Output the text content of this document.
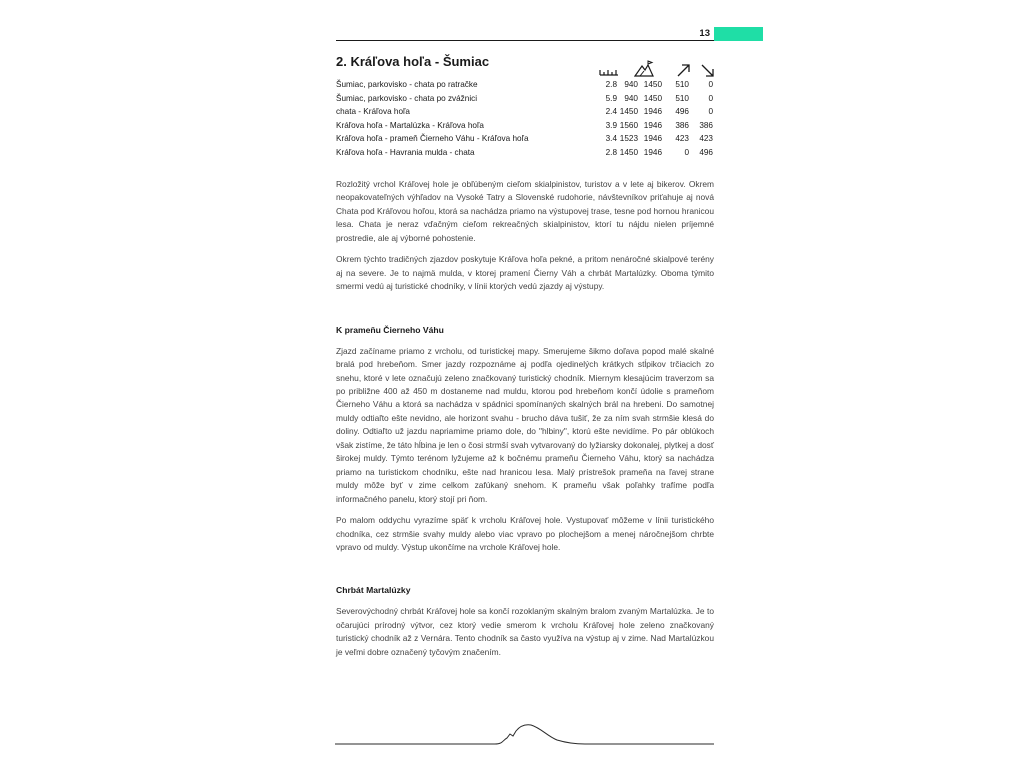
13
2. Kráľova hoľa - Šumiac
Šumiac, parkovisko - chata po ratračke	2.8 940 1450 510 0
Šumiac, parkovisko - chata po zvážnici	5.9 940 1450 510 0
chata - Kráľova hoľa	2.4 1450 1946 496 0
Kráľova hoľa - Martalúzka - Kráľova hoľa	3.9 1560 1946 386 386
Kráľova hoľa - prameň Čierneho Váhu - Kráľova hoľa	3.4 1523 1946 423 423
Kráľova hoľa - Havrania mulda - chata	2.8 1450 1946	0 496

Rozložitý vrchol Kráľovej hole je obľúbeným cieľom skialpinistov, turistov a v lete aj bikerov. Okrem neopakovateľných výhľadov na Vysoké Tatry a Slovenské rudohorie, návštevníkov priťahuje aj nová Chata pod Kráľovou hoľou, ktorá sa nachádza priamo na výstupovej trase, tesne pod hornou hranicou lesa. Chata je neraz vďačným cieľom rekreačných skialpinistov, ktorí tu nájdu nielen príjemné prostredie, ale aj výborné pohostenie.

Okrem týchto tradičných zjazdov poskytuje Kráľova hoľa pekné, a pritom nenáročné skialpové terény aj na severe. Je to najmä mulda, v ktorej pramení Čierny Váh a chrbát Martalúzky. Oboma týmito smermi vedú aj turistické chodníky, v línii ktorých vedú zjazdy aj výstupy.

K prameňu Čierneho Váhu

Zjazd začíname priamo z vrcholu, od turistickej mapy. Smerujeme šikmo doľava popod malé skalné bralá pod hrebeňom. Smer jazdy rozpoznáme aj podľa ojedinelých krátkych stĺpikov trčiacich zo snehu, ktoré v lete označujú zeleno značkovaný turistický chodník. Miernym klesajúcim traverzom sa po približne 400 až 450 m dostaneme nad muldu, ktorou pod hrebeňom končí údolie s prameňom Čierneho Váhu a ktorá sa nachádza v spádnici spomínaných skalných brál na hrebeni. Do samotnej muldy odtiaľto ešte nevidno, ale horizont svahu - brucho dáva tušiť, že za ním svah strmšie klesá do doliny. Odtiaľto už jazdu napriamime priamo dole, do "hlbiny", ktorú ešte nevidíme. Po pár oblúkoch však zistíme, že táto hĺbina je len o čosi strmší svah vytvarovaný do lyžiarsky dokonalej, plytkej a dosť širokej muldy. Týmto terénom lyžujeme až k bočnému prameňu Čierneho Váhu, ktorý sa nachádza priamo na turistickom chodníku, ešte nad hranicou lesa. Malý prístrešok prameňa na ľavej strane muldy môže byť v zime celkom zafúkaný snehom. K prameňu však poľahky trafíme podľa informačného panelu, ktorý stojí pri ňom.

Po malom oddychu vyrazíme späť k vrcholu Kráľovej hole. Vystupovať môžeme v línii turistického chodníka, cez strmšie svahy muldy alebo viac vpravo po plochejšom a menej náročnejšom chrbte vpravo od muldy. Výstup ukončíme na vrchole Kráľovej hole.

Chrbát Martalúzky

Severovýchodný chrbát Kráľovej hole sa končí rozoklaným skalným bralom zvaným Martalúzka. Je to očarujúci prírodný výtvor, cez ktorý vedie smerom k vrcholu Kráľovej hole zeleno značkovaný turistický chodník až z Vernára. Tento chodník sa často využíva na výstup aj v zime. Nad Martalúzkou je veľmi dobre označený tyčovým značením.
